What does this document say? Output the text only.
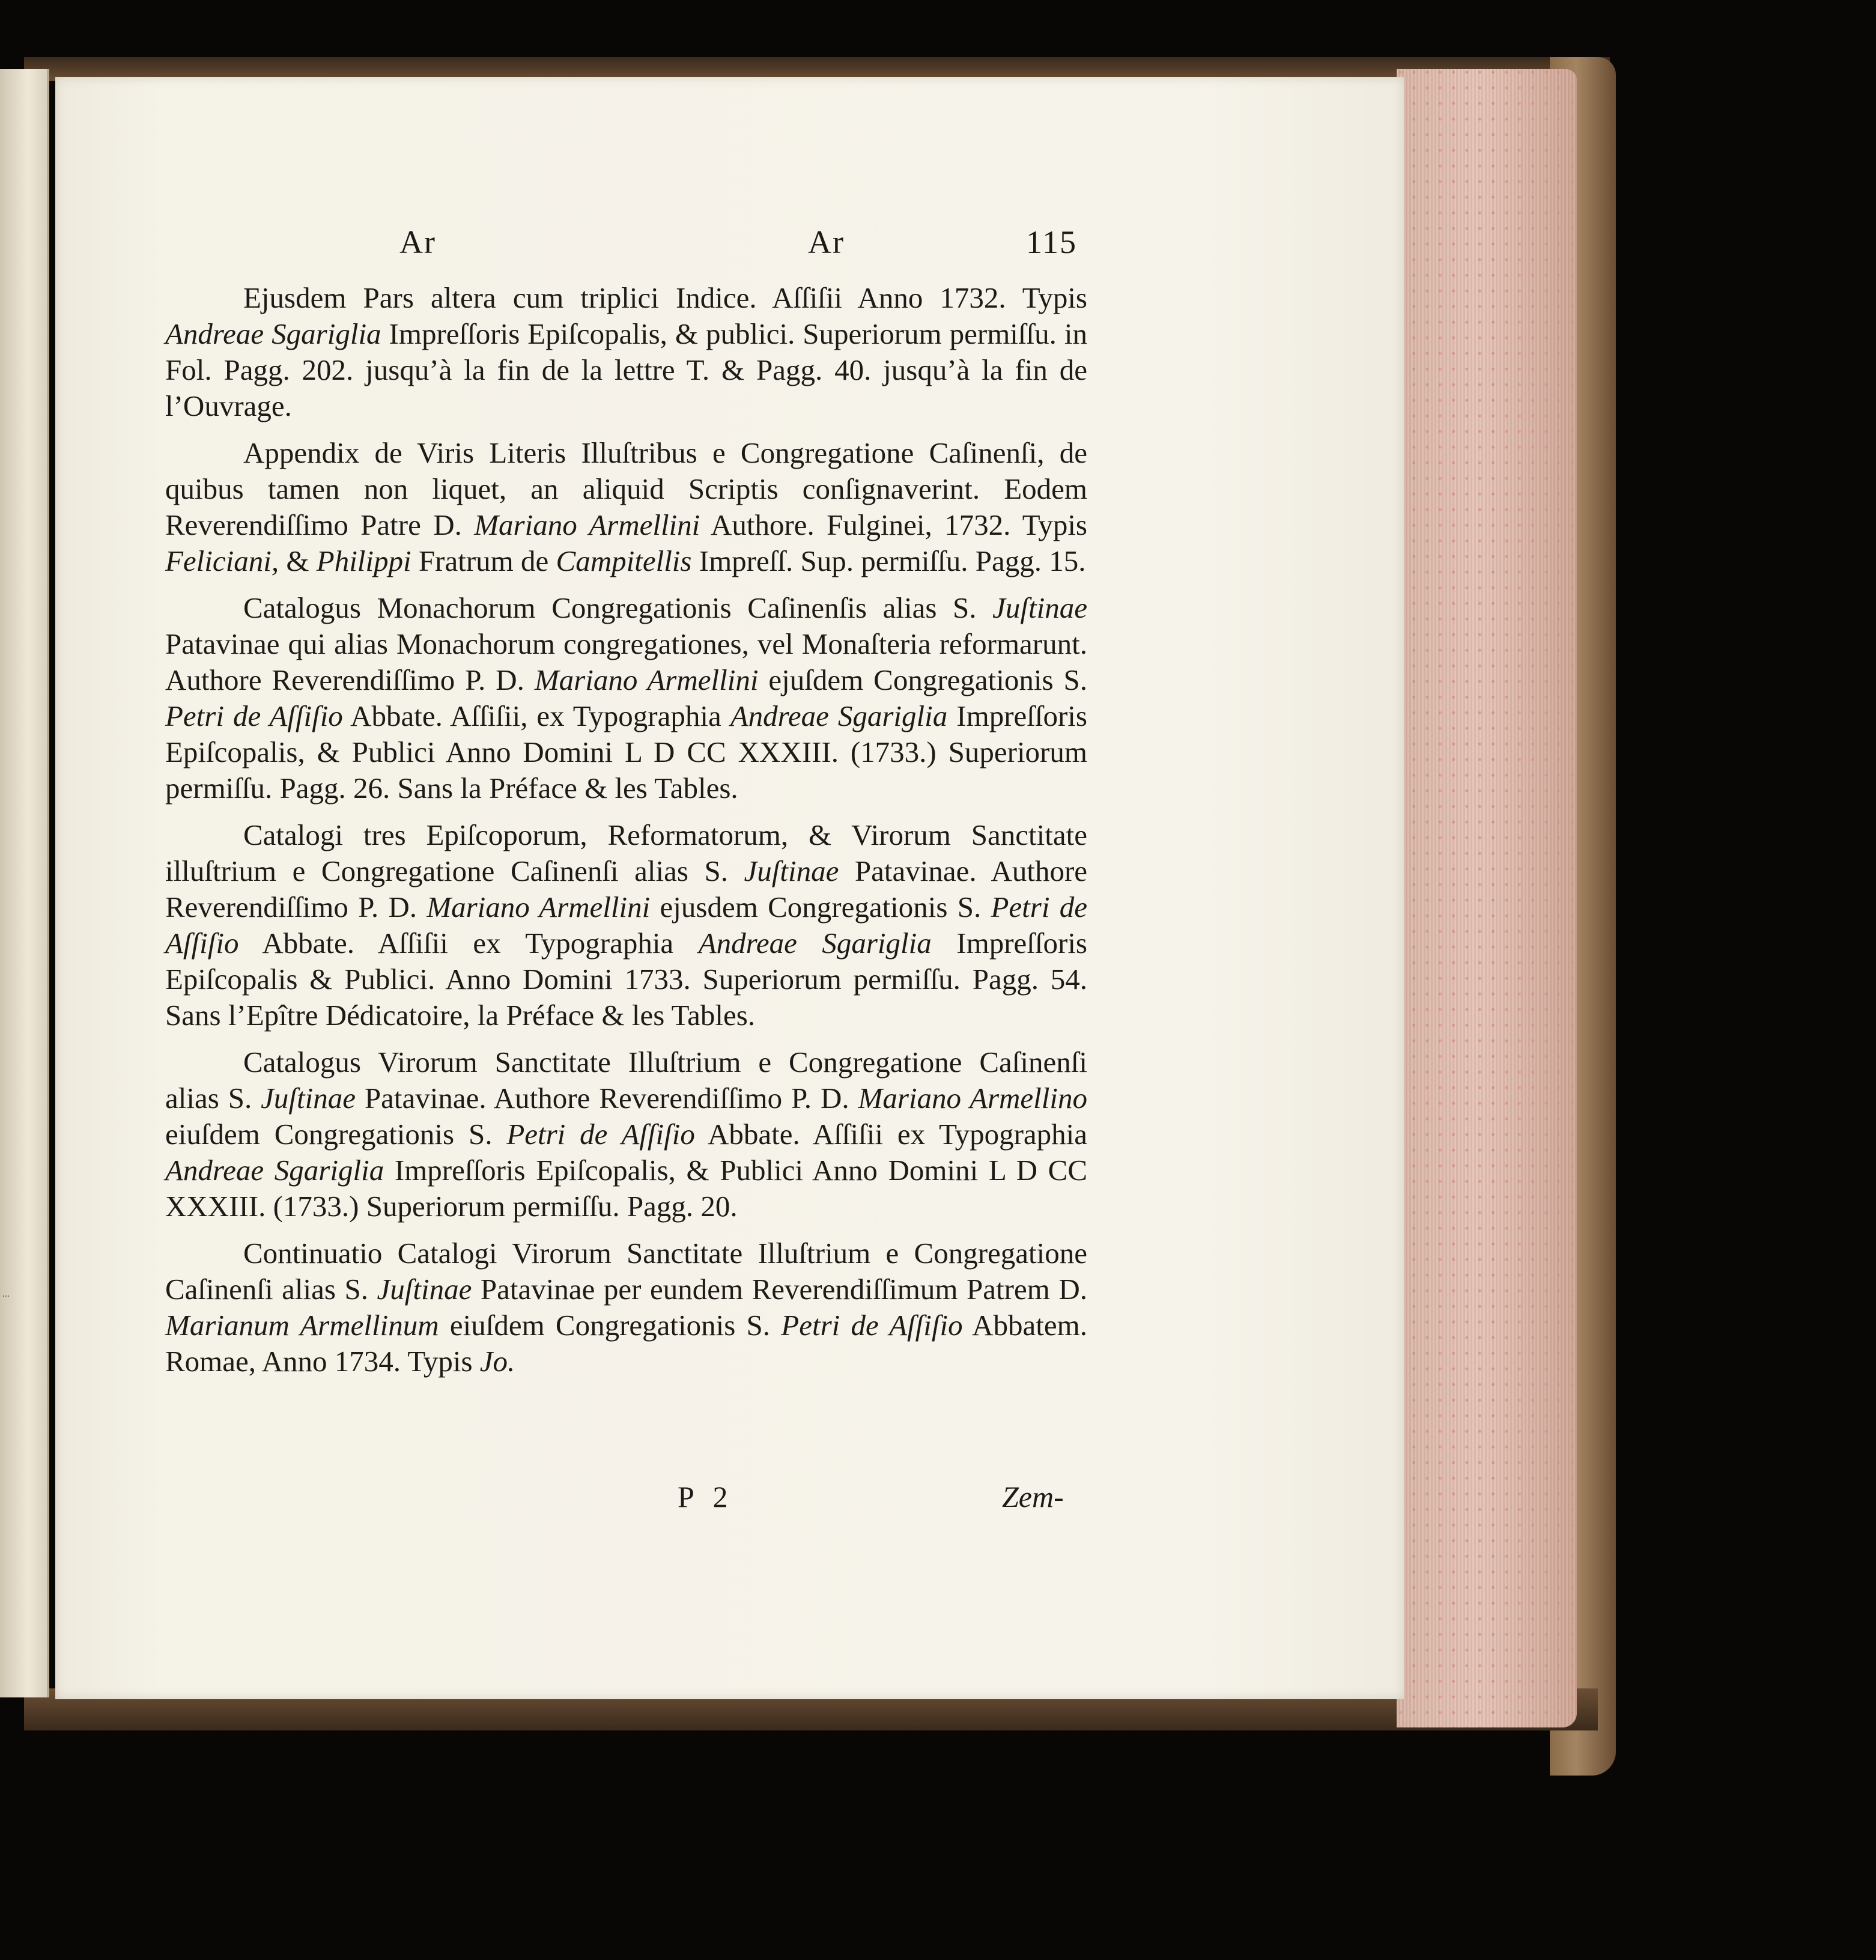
...
Ar	Ar	115

Ejusdem Pars altera cum triplici Indice. Aſſiſii Anno 1732. Typis Andreae Sgariglia Impreſſoris Epiſcopalis, & publici. Superiorum permiſſu. in Fol. Pagg. 202. jusqu’à la fin de la lettre T. & Pagg. 40. jusqu’à la fin de l’Ouvrage.

Appendix de Viris Literis Illuſtribus e Congregatione Caſinenſi, de quibus tamen non liquet, an aliquid Scriptis conſignaverint. Eodem Reverendiſſimo Patre D. Mariano Armellini Authore. Fulginei, 1732. Typis Feliciani, & Philippi Fratrum de Campitellis Impreſſ. Sup. permiſſu. Pagg. 15.

Catalogus Monachorum Congregationis Caſinenſis alias S. Juſtinae Patavinae qui alias Monachorum congregationes, vel Monaſteria reformarunt. Authore Reverendiſſimo P. D. Mariano Armellini ejuſdem Congregationis S. Petri de Aſſiſio Abbate. Aſſiſii, ex Typographia Andreae Sgariglia Impreſſoris Epiſcopalis, & Publici Anno Domini L D CC XXXIII. (1733.) Superiorum permiſſu. Pagg. 26. Sans la Préface & les Tables.

Catalogi tres Epiſcoporum, Reformatorum, & Virorum Sanctitate illuſtrium e Congregatione Caſinenſi alias S. Juſtinae Patavinae. Authore Reverendiſſimo P. D. Mariano Armellini ejusdem Congregationis S. Petri de Aſſiſio Abbate. Aſſiſii ex Typographia Andreae Sgariglia Impreſſoris Epiſcopalis & Publici. Anno Domini 1733. Superiorum permiſſu. Pagg. 54. Sans l’Epître Dédicatoire, la Préface & les Tables.

Catalogus Virorum Sanctitate Illuſtrium e Congregatione Caſinenſi alias S. Juſtinae Patavinae. Authore Reverendiſſimo P. D. Mariano Armellino eiuſdem Congregationis S. Petri de Aſſiſio Abbate. Aſſiſii ex Typographia Andreae Sgariglia Impreſſoris Epiſcopalis, & Publici Anno Domini L D CC XXXIII. (1733.) Superiorum permiſſu. Pagg. 20.

Continuatio Catalogi Virorum Sanctitate Illuſtrium e Congregatione Caſinenſi alias S. Juſtinae Patavinae per eundem Reverendiſſimum Patrem D. Marianum Armellinum eiuſdem Congregationis S. Petri de Aſſiſio Abbatem. Romae, Anno 1734. Typis Jo.

P 2	Zem-
